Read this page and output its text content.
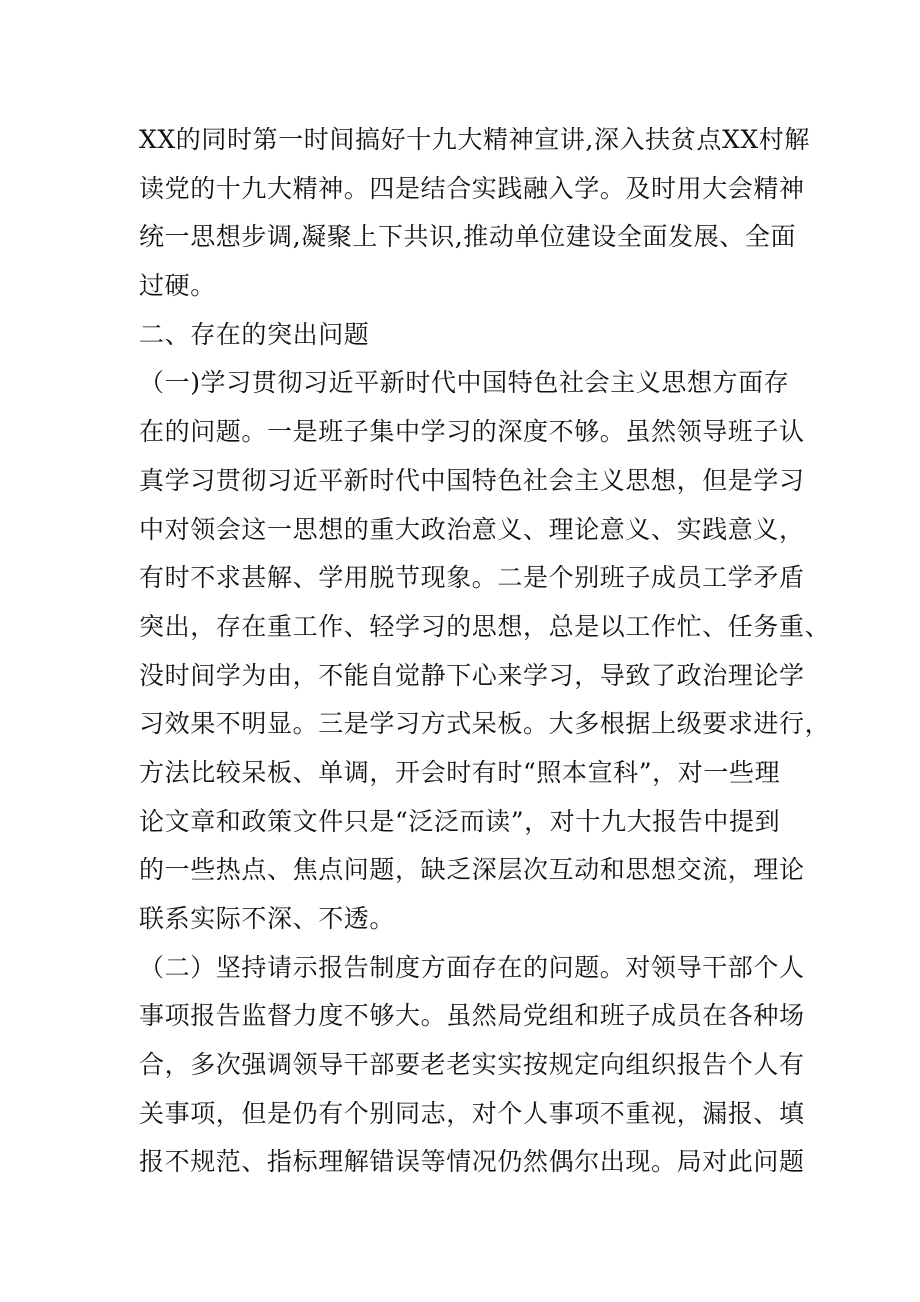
XX的同时第一时间搞好十九大精神宣讲,深入扶贫点XX村解
读党的十九大精神。四是结合实践融入学。及时用大会精神
统一思想步调,凝聚上下共识,推动单位建设全面发展、全面
过硬。
二、存在的突出问题
（一)学习贯彻习近平新时代中国特色社会主义思想方面存
在的问题。一是班子集中学习的深度不够。虽然领导班子认
真学习贯彻习近平新时代中国特色社会主义思想，但是学习
中对领会这一思想的重大政治意义、理论意义、实践意义，
有时不求甚解、学用脱节现象。二是个别班子成员工学矛盾
突出，存在重工作、轻学习的思想，总是以工作忙、任务重、
没时间学为由，不能自觉静下心来学习，导致了政治理论学
习效果不明显。三是学习方式呆板。大多根据上级要求进行，
方法比较呆板、单调，开会时有时“照本宣科”，对一些理
论文章和政策文件只是“泛泛而读”，对十九大报告中提到
的一些热点、焦点问题，缺乏深层次互动和思想交流，理论
联系实际不深、不透。
（二）坚持请示报告制度方面存在的问题。对领导干部个人
事项报告监督力度不够大。虽然局党组和班子成员在各种场
合，多次强调领导干部要老老实实按规定向组织报告个人有
关事项，但是仍有个别同志，对个人事项不重视，漏报、填
报不规范、指标理解错误等情况仍然偶尔出现。局对此问题
